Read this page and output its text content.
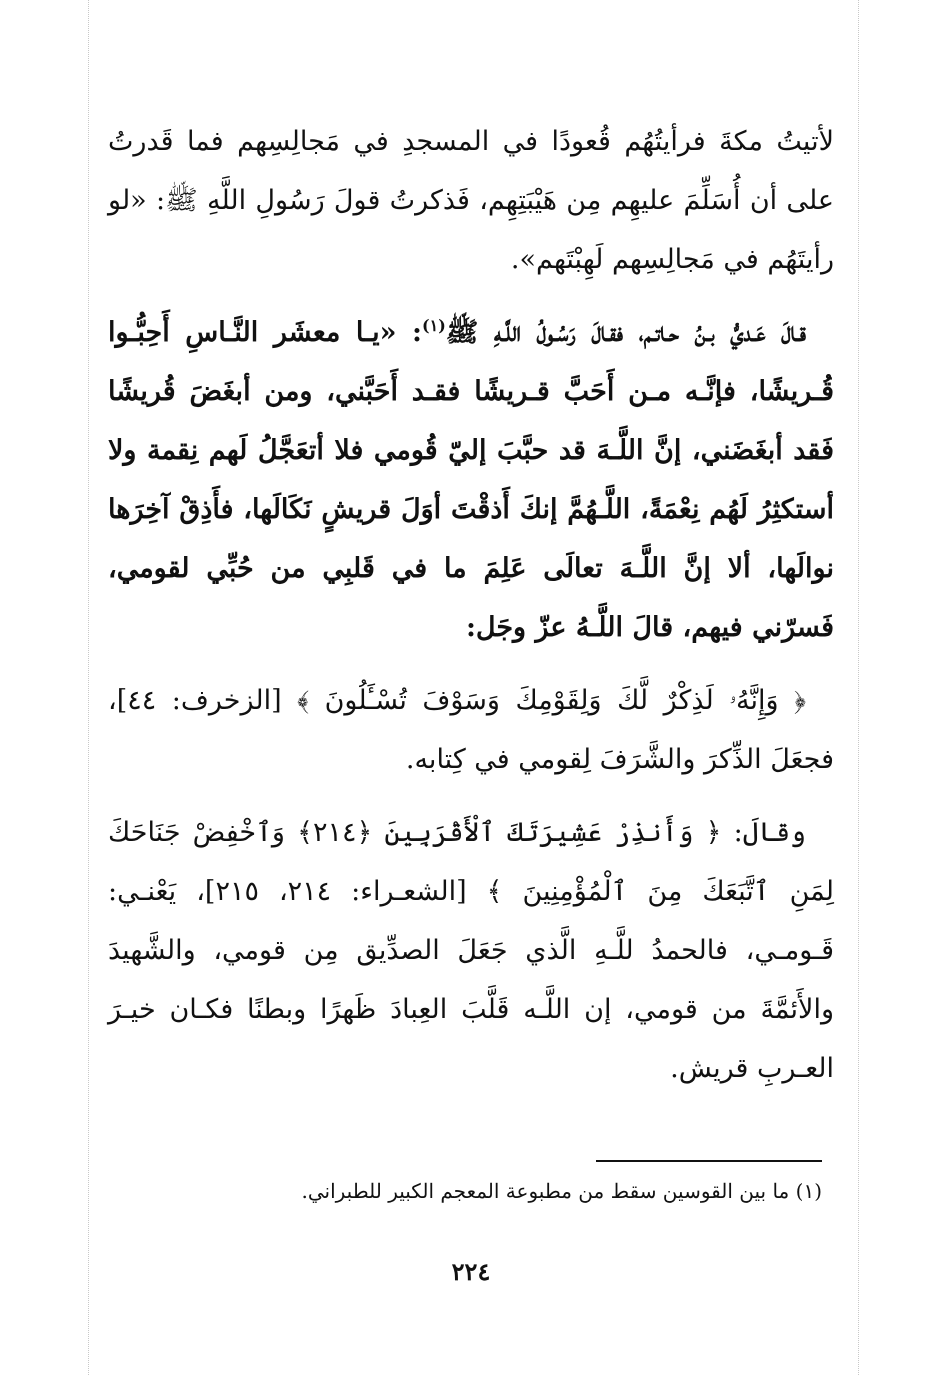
لأتيتُ مكةَ فرأيتُهُم قُعودًا في المسجدِ في مَجالِسِهم فما قَدرتُ على أن أُسَلِّمَ عليهِم مِن هَيْبَتِهِم، فَذكرتُ قولَ رَسُولِ اللَّهِ ﷺ: «لو رأيتَهُم في مَجالِسِهم لَهِبْتَهم».

قـالَ عَـديُّ بـنُ حـاتـم، فقـالَ رَسُـولُ اللَّـهِ ﷺ$^{(١)}$: «يـا معشَر النَّـاسِ أَحِبُّـوا قُـريشًا، فإنَّـه مـن أَحَبَّ قـريشًا فقـد أَحَبَّني، ومن أبغَضَ قُريشًا فَقد أبغَضَني، إنَّ اللَّـهَ قد حبَّبَ إليّ قُومي فلا أتعَجَّلُ لَهم نِقمة ولا أستكثِرُ لَهُم نِعْمَةً، اللَّـهُمَّ إنكَ أَذقْتَ أوَلَ قريشٍ نَكَالَها، فأَذِقْ آخِرَها نوالَها، ألا إنَّ اللَّـهَ تعالَى عَلِمَ ما في قَلبِي من حُبِّي لقومي، فَسرّني فيهم، قالَ اللَّـهُ عزّ وجَل:

﴿ وَإِنَّهُۥ لَذِكْرٌ لَّكَ وَلِقَوْمِكَ وَسَوْفَ تُسْـَٔلُونَ ﴾ [الزخرف: ٤٤]، فجعَلَ الذِّكرَ والشَّرَفَ لِقومي في كِتابه.

وقالَ: ﴿ وَأَنذِرْ عَشِيرَتَكَ ٱلْأَقْرَبِينَ ﴿٢١٤﴾ وَٱخْفِضْ جَنَاحَكَ لِمَنِ ٱتَّبَعَكَ مِنَ ٱلْمُؤْمِنِينَ ﴾ [الشعـراء: ٢١٤، ٢١٥]، يَعْنـي: قَـومـي، فالحمدُ للَّـهِ الَّذي جَعَلَ الصدِّيق مِن قومي، والشَّهيدَ والأَئمَّةَ من قومي، إن اللَّـه قَلَّبَ العِبادَ ظَهرًا وبطنًا فكـان خيـرَ العـربِ قريش.

(١) ما بين القوسين سقط من مطبوعة المعجم الكبير للطبراني.
٢٢٤
